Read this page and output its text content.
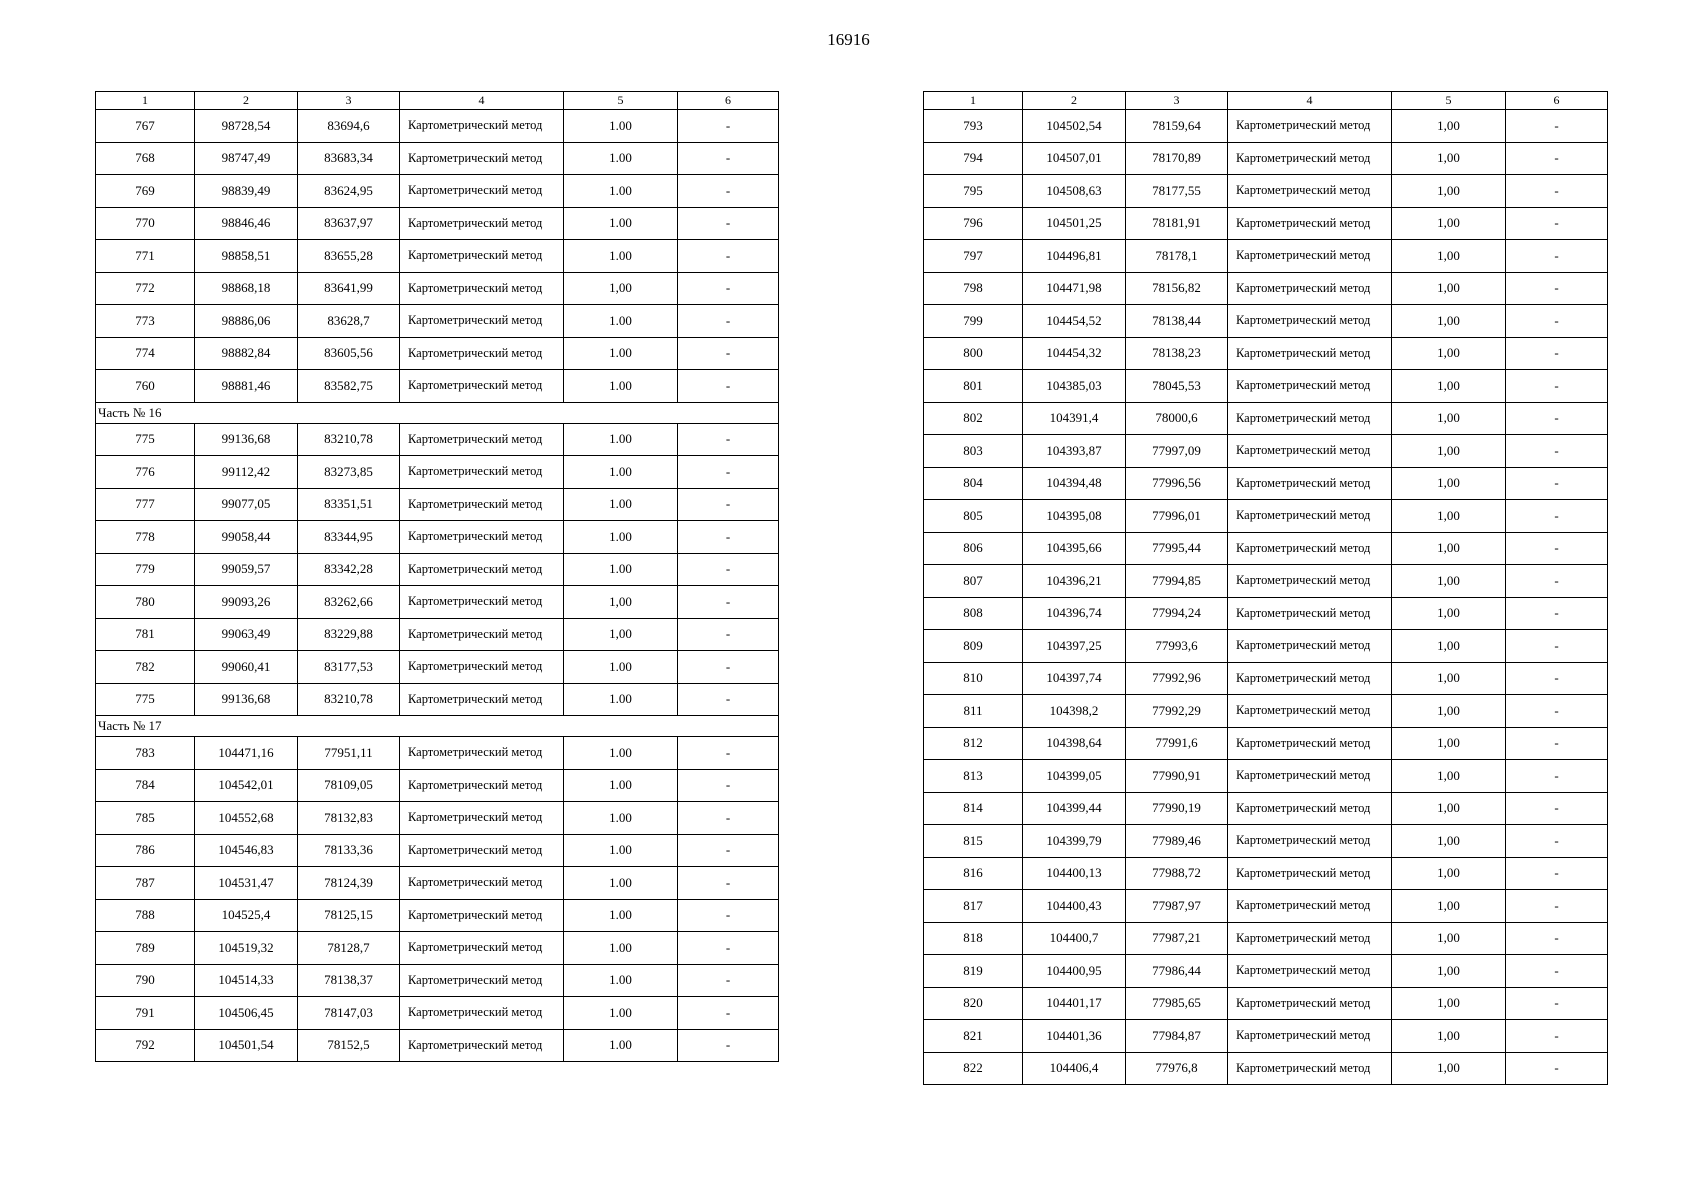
16916
1	2	3	4	5	6
767	98728,54	83694,6	Картометрический метод	1.00	-
768	98747,49	83683,34	Картометрический метод	1.00	-
769	98839,49	83624,95	Картометрический метод	1.00	-
770	98846,46	83637,97	Картометрический метод	1.00	-
771	98858,51	83655,28	Картометрический метод	1.00	-
772	98868,18	83641,99	Картометрический метод	1,00	-
773	98886,06	83628,7	Картометрический метод	1.00	-
774	98882,84	83605,56	Картометрический метод	1.00	-
760	98881,46	83582,75	Картометрический метод	1.00	-
Часть № 16					
775	99136,68	83210,78	Картометрический метод	1.00	-
776	99112,42	83273,85	Картометрический метод	1.00	-
777	99077,05	83351,51	Картометрический метод	1.00	-
778	99058,44	83344,95	Картометрический метод	1.00	-
779	99059,57	83342,28	Картометрический метод	1.00	-
780	99093,26	83262,66	Картометрический метод	1,00	-
781	99063,49	83229,88	Картометрический метод	1,00	-
782	99060,41	83177,53	Картометрический метод	1.00	-
775	99136,68	83210,78	Картометрический метод	1.00	-
Часть № 17					
783	104471,16	77951,11	Картометрический метод	1.00	-
784	104542,01	78109,05	Картометрический метод	1.00	-
785	104552,68	78132,83	Картометрический метод	1.00	-
786	104546,83	78133,36	Картометрический метод	1.00	-
787	104531,47	78124,39	Картометрический метод	1.00	-
788	104525,4	78125,15	Картометрический метод	1.00	-
789	104519,32	78128,7	Картометрический метод	1.00	-
790	104514,33	78138,37	Картометрический метод	1.00	-
791	104506,45	78147,03	Картометрический метод	1.00	-
792	104501,54	78152,5	Картометрический метод	1.00	-
1	2	3	4	5	6
793	104502,54	78159,64	Картометрический метод	1,00	-
794	104507,01	78170,89	Картометрический метод	1,00	-
795	104508,63	78177,55	Картометрический метод	1,00	-
796	104501,25	78181,91	Картометрический метод	1,00	-
797	104496,81	78178,1	Картометрический метод	1,00	-
798	104471,98	78156,82	Картометрический метод	1,00	-
799	104454,52	78138,44	Картометрический метод	1,00	-
800	104454,32	78138,23	Картометрический метод	1,00	-
801	104385,03	78045,53	Картометрический метод	1,00	-
802	104391,4	78000,6	Картометрический метод	1,00	-
803	104393,87	77997,09	Картометрический метод	1,00	-
804	104394,48	77996,56	Картометрический метод	1,00	-
805	104395,08	77996,01	Картометрический метод	1,00	-
806	104395,66	77995,44	Картометрический метод	1,00	-
807	104396,21	77994,85	Картометрический метод	1,00	-
808	104396,74	77994,24	Картометрический метод	1,00	-
809	104397,25	77993,6	Картометрический метод	1,00	-
810	104397,74	77992,96	Картометрический метод	1,00	-
811	104398,2	77992,29	Картометрический метод	1,00	-
812	104398,64	77991,6	Картометрический метод	1,00	-
813	104399,05	77990,91	Картометрический метод	1,00	-
814	104399,44	77990,19	Картометрический метод	1,00	-
815	104399,79	77989,46	Картометрический метод	1,00	-
816	104400,13	77988,72	Картометрический метод	1,00	-
817	104400,43	77987,97	Картометрический метод	1,00	-
818	104400,7	77987,21	Картометрический метод	1,00	-
819	104400,95	77986,44	Картометрический метод	1,00	-
820	104401,17	77985,65	Картометрический метод	1,00	-
821	104401,36	77984,87	Картометрический метод	1,00	-
822	104406,4	77976,8	Картометрический метод	1,00	-
